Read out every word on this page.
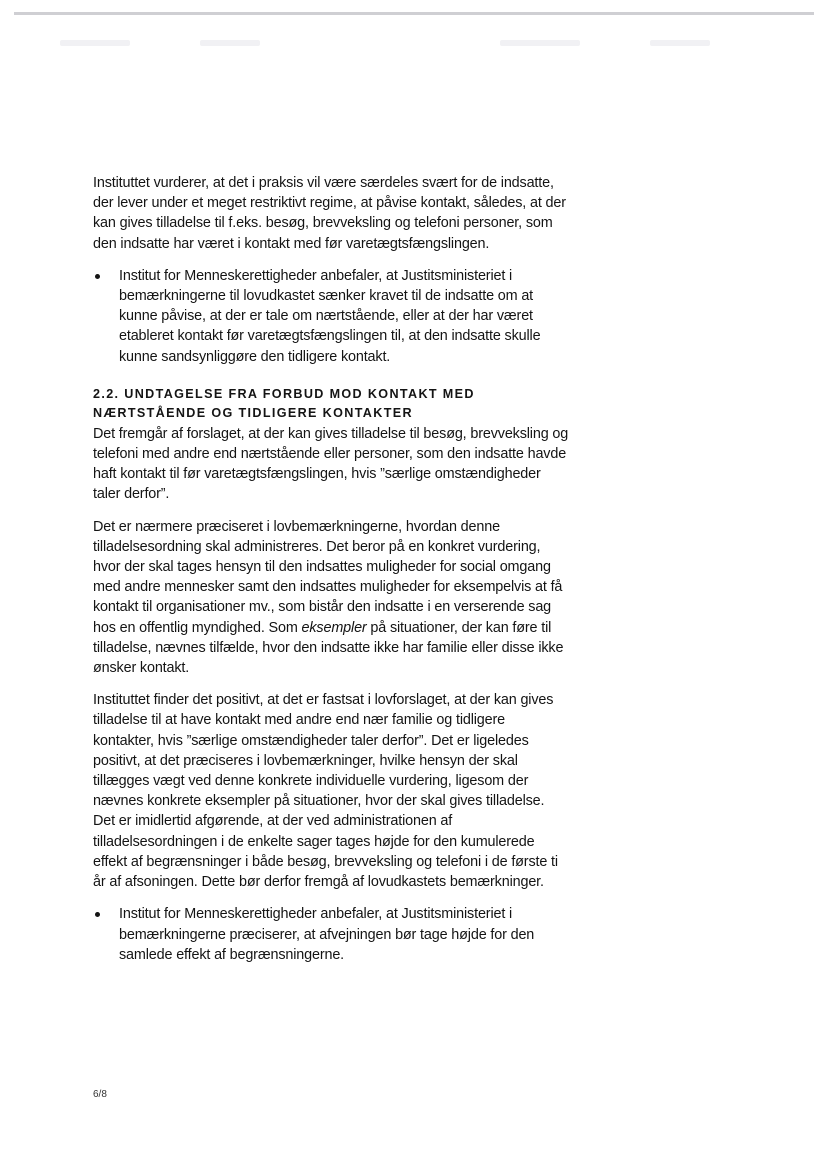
Instituttet vurderer, at det i praksis vil være særdeles svært for de indsatte, der lever under et meget restriktivt regime, at påvise kontakt, således, at der kan gives tilladelse til f.eks. besøg, brevveksling og telefoni personer, som den indsatte har været i kontakt med før varetægtsfængslingen.

Institut for Menneskerettigheder anbefaler, at Justitsministeriet i bemærkningerne til lovudkastet sænker kravet til de indsatte om at kunne påvise, at der er tale om nærtstående, eller at der har været etableret kontakt før varetægtsfængslingen til, at den indsatte skulle kunne sandsynliggøre den tidligere kontakt.
2.2. UNDTAGELSE FRA FORBUD MOD KONTAKT MED NÆRTSTÅENDE OG TIDLIGERE KONTAKTER

Det fremgår af forslaget, at der kan gives tilladelse til besøg, brevveksling og telefoni med andre end nærtstående eller personer, som den indsatte havde haft kontakt til før varetægtsfængslingen, hvis ”særlige omstændigheder taler derfor”.

Det er nærmere præciseret i lovbemærkningerne, hvordan denne tilladelsesordning skal administreres. Det beror på en konkret vurdering, hvor der skal tages hensyn til den indsattes muligheder for social omgang med andre mennesker samt den indsattes muligheder for eksempelvis at få kontakt til organisationer mv., som bistår den indsatte i en verserende sag hos en offentlig myndighed. Som eksempler på situationer, der kan føre til tilladelse, nævnes tilfælde, hvor den indsatte ikke har familie eller disse ikke ønsker kontakt.

Instituttet finder det positivt, at det er fastsat i lovforslaget, at der kan gives tilladelse til at have kontakt med andre end nær familie og tidligere kontakter, hvis ”særlige omstændigheder taler derfor”. Det er ligeledes positivt, at det præciseres i lovbemærkninger, hvilke hensyn der skal tillægges vægt ved denne konkrete individuelle vurdering, ligesom der nævnes konkrete eksempler på situationer, hvor der skal gives tilladelse. Det er imidlertid afgørende, at der ved administrationen af tilladelsesordningen i de enkelte sager tages højde for den kumulerede effekt af begrænsninger i både besøg, brevveksling og telefoni i de første ti år af afsoningen. Dette bør derfor fremgå af lovudkastets bemærkninger.

Institut for Menneskerettigheder anbefaler, at Justitsministeriet i bemærkningerne præciserer, at afvejningen bør tage højde for den samlede effekt af begrænsningerne.
6/8
